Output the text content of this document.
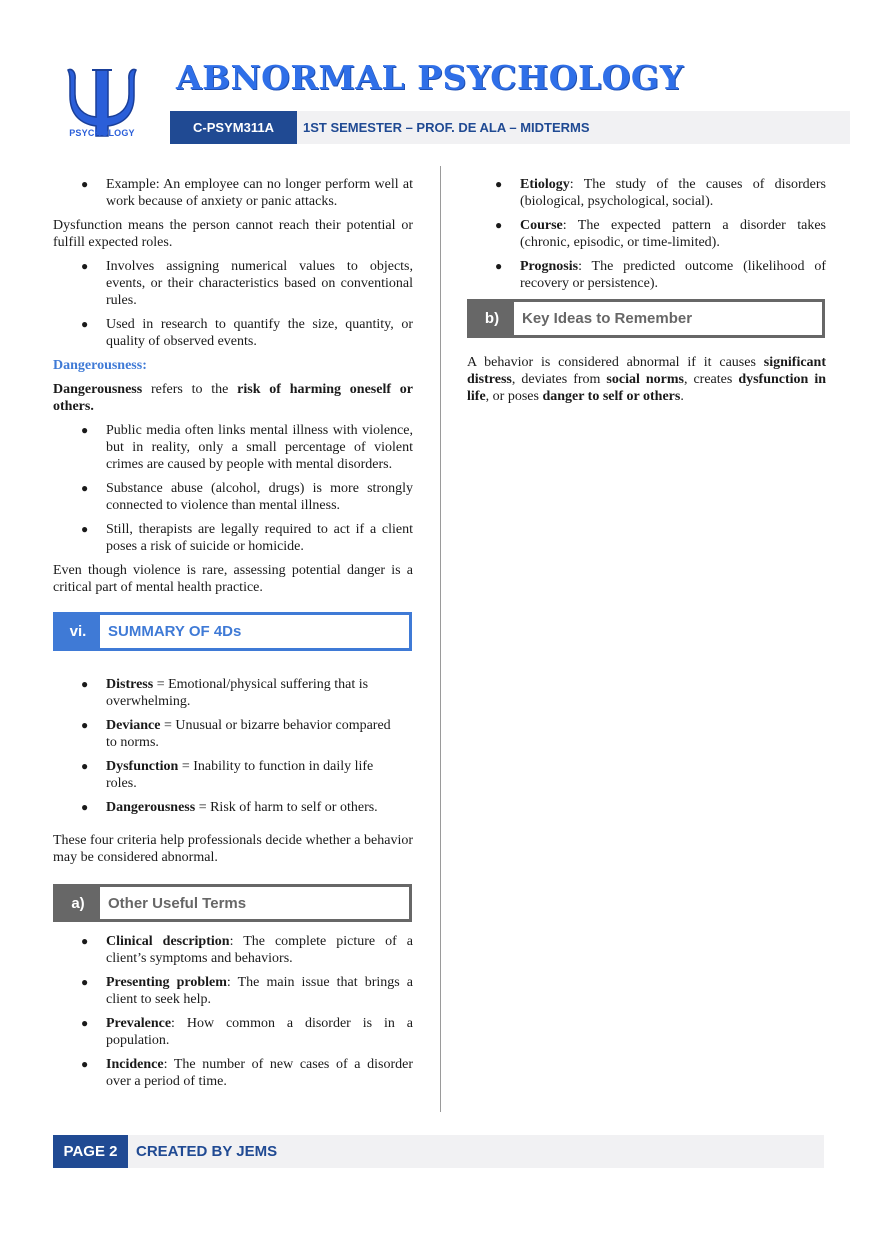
PSYCHOLOGY
ABNORMAL PSYCHOLOGY
C-PSYM311A	1ST SEMESTER – PROF. DE ALA – MIDTERMS
● Example: An employee can no longer perform well at work because of anxiety or panic attacks.

Dysfunction means the person cannot reach their potential or fulfill expected roles.

● Involves assigning numerical values to objects, events, or their characteristics based on conventional rules.
● Used in research to quantify the size, quantity, or quality of observed events.
Dangerousness:

Dangerousness refers to the risk of harming oneself or others.

● Public media often links mental illness with violence, but in reality, only a small percentage of violent crimes are caused by people with mental disorders.
● Substance abuse (alcohol, drugs) is more strongly connected to violence than mental illness.
● Still, therapists are legally required to act if a client poses a risk of suicide or homicide.

Even though violence is rare, assessing potential danger is a critical part of mental health practice.

vi.	SUMMARY OF 4Ds
● Distress = Emotional/physical suffering that is overwhelming.
● Deviance = Unusual or bizarre behavior compared to norms.
● Dysfunction = Inability to function in daily life roles.
● Dangerousness = Risk of harm to self or others.

These four criteria help professionals decide whether a behavior may be considered abnormal.

a)	Other Useful Terms
● Clinical description: The complete picture of a client’s symptoms and behaviors.
● Presenting problem: The main issue that brings a client to seek help.
● Prevalence: How common a disorder is in a population.
● Incidence: The number of new cases of a disorder over a period of time.
● Etiology: The study of the causes of disorders (biological, psychological, social).
● Course: The expected pattern a disorder takes (chronic, episodic, or time-limited).
● Prognosis: The predicted outcome (likelihood of recovery or persistence).
b)	Key Ideas to Remember

A behavior is considered abnormal if it causes significant distress, deviates from social norms, creates dysfunction in life, or poses danger to self or others.

PAGE 2	CREATED BY JEMS
